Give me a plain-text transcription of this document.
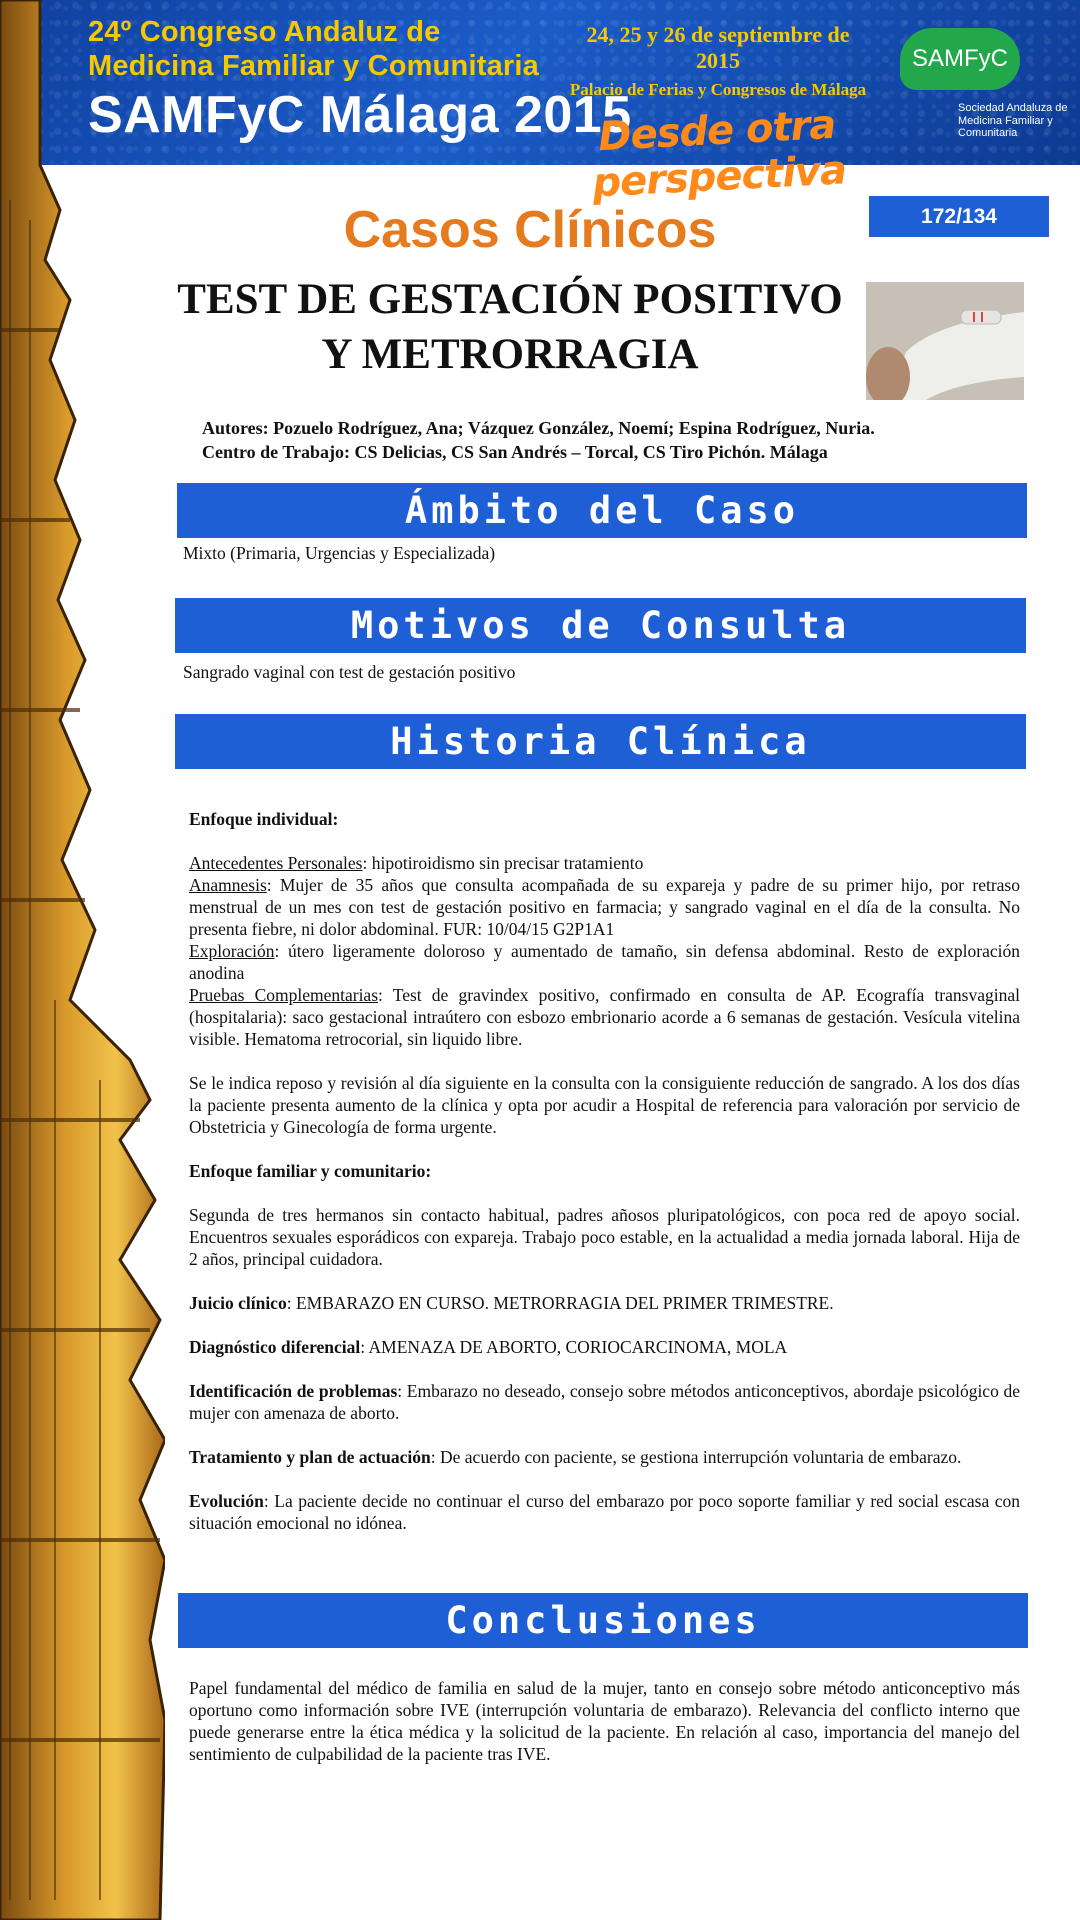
24º Congreso Andaluz de
Medicina Familiar y Comunitaria
SAMFyC Málaga 2015
24, 25 y 26 de septiembre de 2015
Palacio de Ferias y Congresos de Málaga
Desde otra perspectiva
SAMFyC
Sociedad Andaluza de Medicina Familiar y Comunitaria
172/134
Casos Clínicos
TEST DE GESTACIÓN POSITIVO
Y METRORRAGIA
Autores: Pozuelo Rodríguez, Ana; Vázquez González, Noemí; Espina Rodríguez, Nuria.
Centro de Trabajo: CS Delicias, CS San Andrés – Torcal, CS Tiro Pichón. Málaga
Ámbito del Caso
Mixto (Primaria, Urgencias y Especializada)
Motivos de Consulta
Sangrado vaginal con test de gestación positivo
Historia Clínica

Enfoque individual:

Antecedentes Personales: hipotiroidismo sin precisar tratamiento
Anamnesis: Mujer de 35 años que consulta acompañada de su expareja y padre de su primer hijo, por retraso menstrual de un mes con test de gestación positivo en farmacia; y sangrado vaginal en el día de la consulta. No presenta fiebre, ni dolor abdominal. FUR: 10/04/15 G2P1A1
Exploración: útero ligeramente doloroso y aumentado de tamaño, sin defensa abdominal. Resto de exploración anodina
Pruebas Complementarias: Test de gravindex positivo, confirmado en consulta de AP. Ecografía transvaginal (hospitalaria): saco gestacional intraútero con esbozo embrionario acorde a 6 semanas de gestación. Vesícula vitelina visible. Hematoma retrocorial, sin liquido libre.

Se le indica reposo y revisión al día siguiente en la consulta con la consiguiente reducción de sangrado. A los dos días la paciente presenta aumento de la clínica y opta por acudir a Hospital de referencia para valoración por servicio de Obstetricia y Ginecología de forma urgente.

Enfoque familiar y comunitario:

Segunda de tres hermanos sin contacto habitual, padres añosos pluripatológicos, con poca red de apoyo social. Encuentros sexuales esporádicos con expareja. Trabajo poco estable, en la actualidad a media jornada laboral. Hija de 2 años, principal cuidadora.

Juicio clínico: EMBARAZO EN CURSO. METRORRAGIA DEL PRIMER TRIMESTRE.

Diagnóstico diferencial: AMENAZA DE ABORTO, CORIOCARCINOMA, MOLA

Identificación de problemas: Embarazo no deseado, consejo sobre métodos anticonceptivos, abordaje psicológico de mujer con amenaza de aborto.

Tratamiento y plan de actuación: De acuerdo con paciente, se gestiona interrupción voluntaria de embarazo.

Evolución: La paciente decide no continuar el curso del embarazo por poco soporte familiar y red social escasa con situación emocional no idónea.

Conclusiones
Papel fundamental del médico de familia en salud de la mujer, tanto en consejo sobre método anticonceptivo más oportuno como información sobre IVE (interrupción voluntaria de embarazo). Relevancia del conflicto interno que puede generarse entre la ética médica y la solicitud de la paciente. En relación al caso, importancia del manejo del sentimiento de culpabilidad de la paciente tras IVE.
